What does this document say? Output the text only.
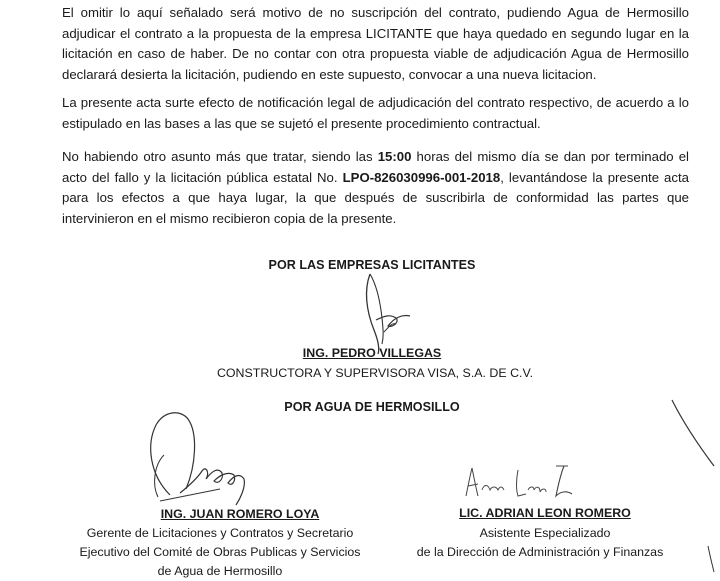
El omitir lo aquí señalado será motivo de no suscripción del contrato, pudiendo Agua de Hermosillo adjudicar el contrato a la propuesta de la empresa LICITANTE que haya quedado en segundo lugar en la licitación en caso de haber. De no contar con otra propuesta viable de adjudicación Agua de Hermosillo declarará desierta la licitación, pudiendo en este supuesto, convocar a una nueva licitacion.

La presente acta surte efecto de notificación legal de adjudicación del contrato respectivo, de acuerdo a lo estipulado en las bases a las que se sujetó el presente procedimiento contractual.

No habiendo otro asunto más que tratar, siendo las 15:00 horas del mismo día se dan por terminado el acto del fallo y la licitación pública estatal No. LPO-826030996-001-2018, levantándose la presente acta para los efectos a que haya lugar, la que después de suscribirla de conformidad las partes que intervinieron en el mismo recibieron copia de la presente.

POR LAS EMPRESAS LICITANTES

ING. PEDRO VILLEGAS

CONSTRUCTORA Y SUPERVISORA VISA, S.A. DE C.V.

POR AGUA DE HERMOSILLO

ING. JUAN ROMERO LOYA

Gerente de Licitaciones y Contratos y Secretario

Ejecutivo del Comité de Obras Publicas y Servicios

de Agua de Hermosillo

LIC. ADRIAN LEON ROMERO

Asistente Especializado

de la Dirección de Administración y Finanzas
